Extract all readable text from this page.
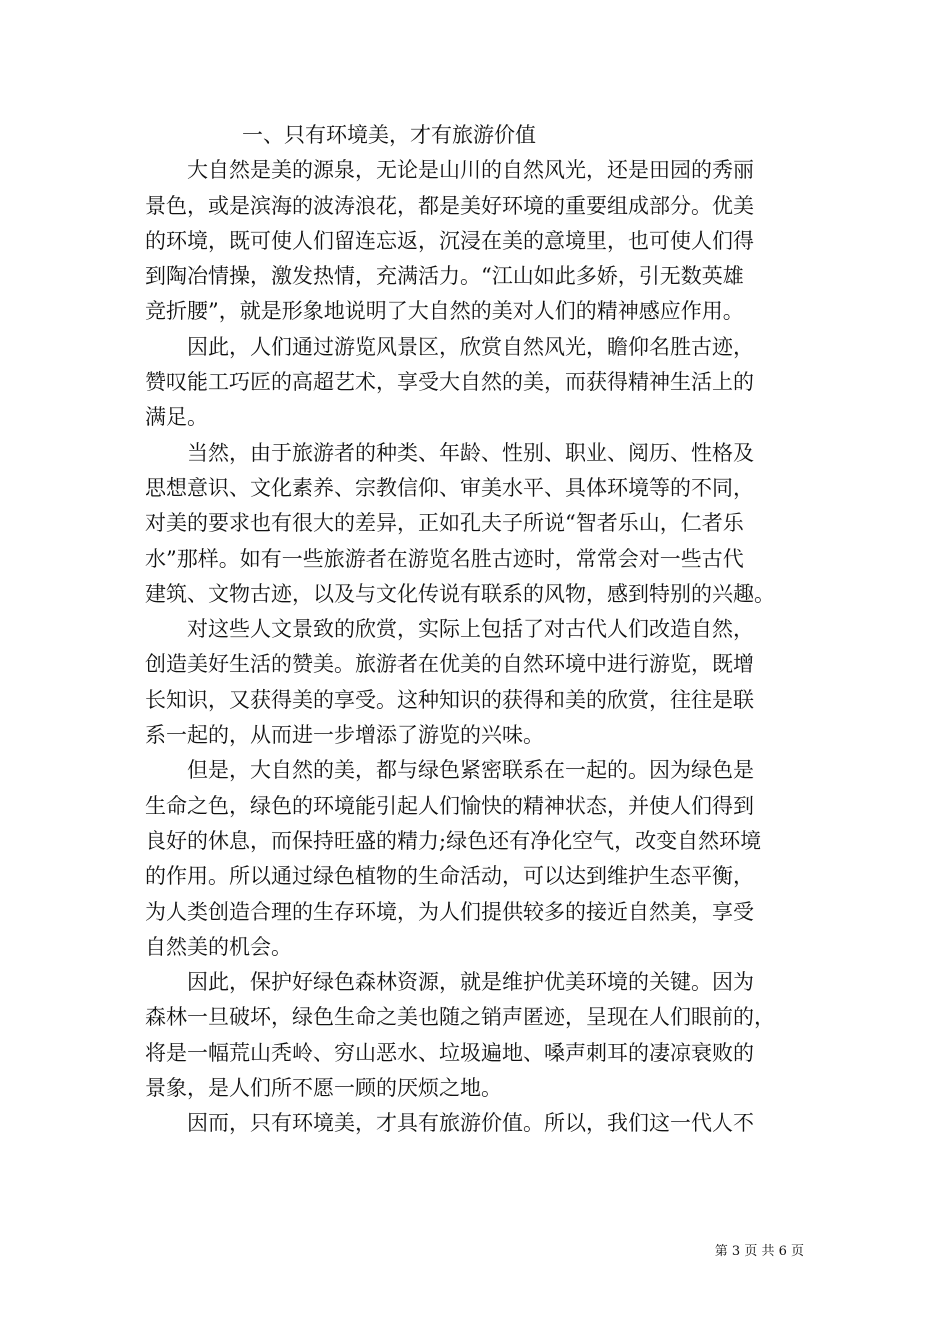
一、只有环境美，才有旅游价值
大自然是美的源泉，无论是山川的自然风光，还是田园的秀丽
景色，或是滨海的波涛浪花，都是美好环境的重要组成部分。优美
的环境，既可使人们留连忘返，沉浸在美的意境里，也可使人们得
到陶冶情操，激发热情，充满活力。“江山如此多娇，引无数英雄
竞折腰”，就是形象地说明了大自然的美对人们的精神感应作用。
因此，人们通过游览风景区，欣赏自然风光，瞻仰名胜古迹，
赞叹能工巧匠的高超艺术，享受大自然的美，而获得精神生活上的
满足。
当然，由于旅游者的种类、年龄、性别、职业、阅历、性格及
思想意识、文化素养、宗教信仰、审美水平、具体环境等的不同，
对美的要求也有很大的差异，正如孔夫子所说“智者乐山，仁者乐
水”那样。如有一些旅游者在游览名胜古迹时，常常会对一些古代
建筑、文物古迹，以及与文化传说有联系的风物，感到特别的兴趣。
对这些人文景致的欣赏，实际上包括了对古代人们改造自然，
创造美好生活的赞美。旅游者在优美的自然环境中进行游览，既增
长知识，又获得美的享受。这种知识的获得和美的欣赏，往往是联
系一起的，从而进一步增添了游览的兴味。
但是，大自然的美，都与绿色紧密联系在一起的。因为绿色是
生命之色，绿色的环境能引起人们愉快的精神状态，并使人们得到
良好的休息，而保持旺盛的精力;绿色还有净化空气，改变自然环境
的作用。所以通过绿色植物的生命活动，可以达到维护生态平衡，
为人类创造合理的生存环境，为人们提供较多的接近自然美，享受
自然美的机会。
因此，保护好绿色森林资源，就是维护优美环境的关键。因为
森林一旦破坏，绿色生命之美也随之销声匿迹，呈现在人们眼前的，
将是一幅荒山秃岭、穷山恶水、垃圾遍地、嗓声刺耳的凄凉衰败的
景象，是人们所不愿一顾的厌烦之地。
因而，只有环境美，才具有旅游价值。所以，我们这一代人不
第 3 页 共 6 页
